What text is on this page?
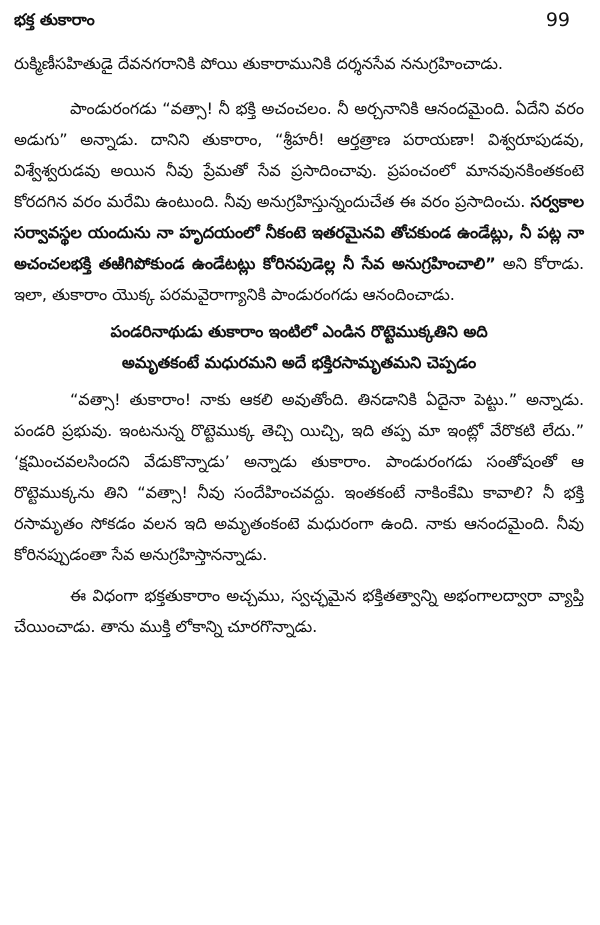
భక్త తుకారాం	99

రుక్మిణీసహితుడై దేవనగరానికి పోయి తుకారామునికి దర్శనసేవ ననుగ్రహించాడు.

పాండురంగడు “వత్సా! నీ భక్తి అచంచలం. నీ అర్చనానికి ఆనందమైంది. ఏదేని వరం అడుగు” అన్నాడు. దానిని తుకారాం, “శ్రీహరీ! ఆర్తత్రాణ పరాయణా! విశ్వరూపుడవు, విశ్వేశ్వరుడవు అయిన నీవు ప్రేమతో సేవ ప్రసాదించావు. ప్రపంచంలో మానవునకింతకంటె కోరదగిన వరం మరేమి ఉంటుంది. నీవు అనుగ్రహిస్తున్నందుచేత ఈ వరం ప్రసాదించు. సర్వకాల సర్వావస్థల యందును నా హృదయంలో నీకంటె ఇతరమైనవి తోచకుండ ఉండేట్లు, నీ పట్ల నా అచంచలభక్తి తఱిగిపోకుండ ఉండేటట్లు కోరినపుడెల్ల నీ సేవ అనుగ్రహించాలి” అని కోరాడు. ఇలా, తుకారాం యొక్క పరమవైరాగ్యానికి పాండురంగడు ఆనందించాడు.

పండరినాథుడు తుకారాం ఇంటిలో ఎండిన రొట్టెముక్కతిని అది
అమృతకంటే మధురమని అదే భక్తిరసామృతమని చెప్పడం

“వత్సా! తుకారాం! నాకు ఆకలి అవుతోంది. తినడానికి ఏదైనా పెట్టు.” అన్నాడు. పండరి ప్రభువు. ఇంటనున్న రొట్టెముక్క తెచ్చి యిచ్చి, ఇది తప్ప మా ఇంట్లో వేరొకటి లేదు.” ‘క్షమించవలసిందని వేడుకొన్నాడు’ అన్నాడు తుకారాం. పాండురంగడు సంతోషంతో ఆ రొట్టెముక్కను తిని “వత్సా! నీవు సందేహించవద్దు. ఇంతకంటే నాకింకేమి కావాలి? నీ భక్తి రసామృతం సోకడం వలన ఇది అమృతంకంటె మధురంగా ఉంది. నాకు ఆనందమైంది. నీవు కోరినప్పుడంతా సేవ అనుగ్రహిస్తానన్నాడు.

ఈ విధంగా భక్తతుకారాం అచ్చము, స్వచ్ఛమైన భక్తితత్వాన్ని అభంగాలద్వారా వ్యాప్తి చేయించాడు. తాను ముక్తి లోకాన్ని చూరగొన్నాడు.
